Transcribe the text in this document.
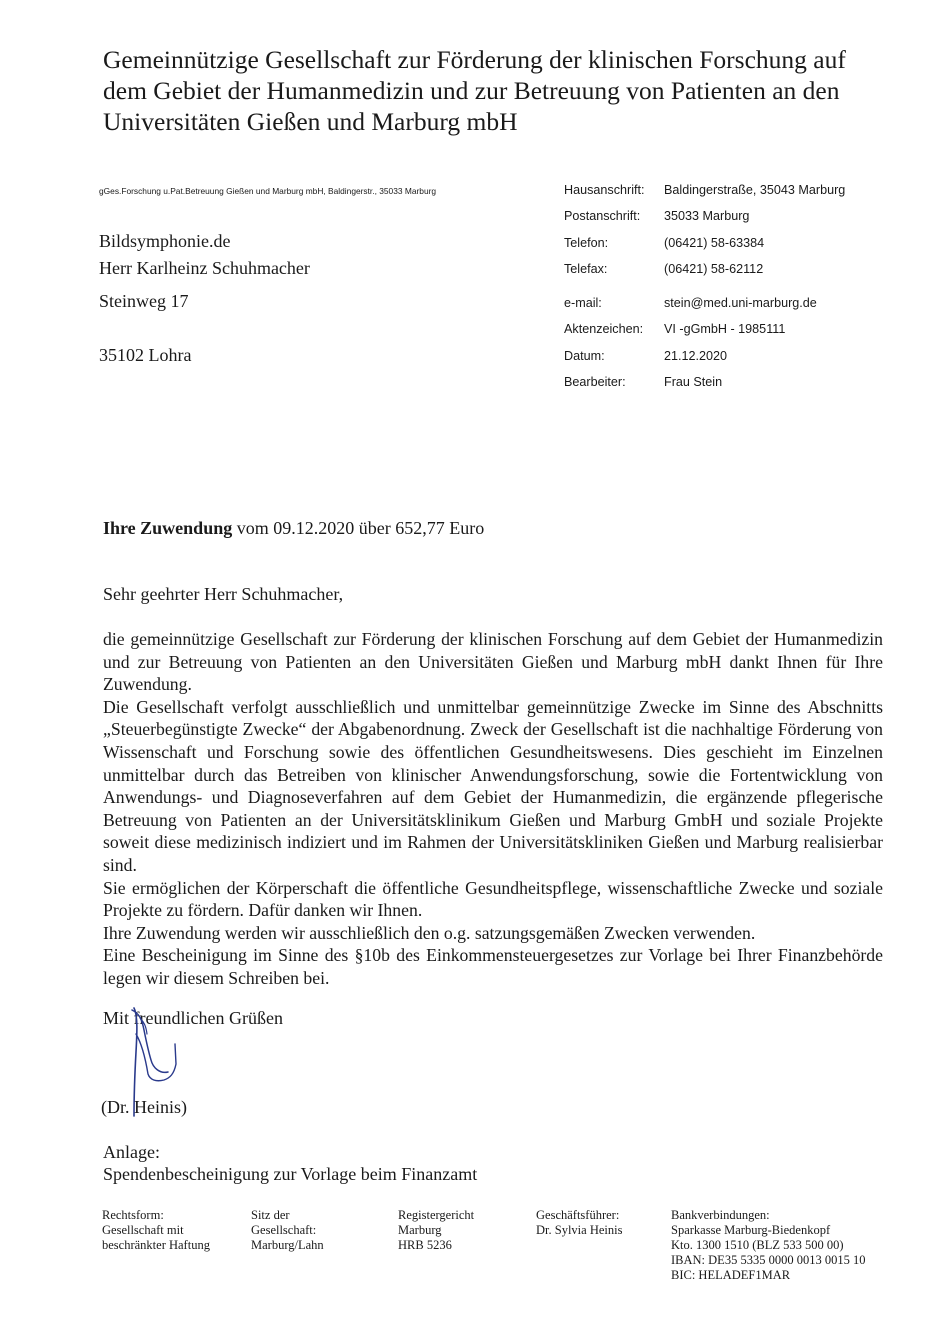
Gemeinnützige Gesellschaft zur Förderung der klinischen Forschung auf dem Gebiet der Humanmedizin und zur Betreuung von Patienten an den Universitäten Gießen und Marburg mbH
gGes.Forschung u.Pat.Betreuung Gießen und Marburg mbH, Baldingerstr., 35033 Marburg
Bildsymphonie.de
Herr Karlheinz Schuhmacher
Steinweg 17
35102 Lohra
Hausanschrift: Baldingerstraße, 35043 Marburg
Postanschrift: 35033 Marburg
Telefon:	(06421) 58-63384
Telefax:	(06421) 58-62112
e-mail:	stein@med.uni-marburg.de
Aktenzeichen: VI -gGmbH - 1985111
Datum:	21.12.2020
Bearbeiter:	Frau Stein
Ihre Zuwendung vom 09.12.2020 über 652,77 Euro
Sehr geehrter Herr Schuhmacher,

die gemeinnützige Gesellschaft zur Förderung der klinischen Forschung auf dem Gebiet der Humanmedizin und zur Betreuung von Patienten an den Universitäten Gießen und Marburg mbH dankt Ihnen für Ihre Zuwendung.

Die Gesellschaft verfolgt ausschließlich und unmittelbar gemeinnützige Zwecke im Sinne des Abschnitts „Steuerbegünstigte Zwecke“ der Abgabenordnung. Zweck der Gesellschaft ist die nachhaltige Förderung von Wissenschaft und Forschung sowie des öffentlichen Gesundheitswesens. Dies geschieht im Einzelnen unmittelbar durch das Betreiben von klinischer Anwendungsforschung, sowie die Fortentwicklung von Anwendungs- und Diagnoseverfahren auf dem Gebiet der Humanmedizin, die ergänzende pflegerische Betreuung von Patienten an der Universitätsklinikum Gießen und Marburg GmbH und soziale Projekte soweit diese medizinisch indiziert und im Rahmen der Universitätskliniken Gießen und Marburg realisierbar sind.

Sie ermöglichen der Körperschaft die öffentliche Gesundheitspflege, wissenschaftliche Zwecke und soziale Projekte zu fördern. Dafür danken wir Ihnen.

Ihre Zuwendung werden wir ausschließlich den o.g. satzungsgemäßen Zwecken verwenden.

Eine Bescheinigung im Sinne des §10b des Einkommensteuergesetzes zur Vorlage bei Ihrer Finanzbehörde legen wir diesem Schreiben bei.

Mit freundlichen Grüßen
(Dr. Heinis)
Anlage:
Spendenbescheinigung zur Vorlage beim Finanzamt
Rechtsform:
Gesellschaft mit
beschränkter Haftung
Sitz der
Gesellschaft:
Marburg/Lahn
Registergericht
Marburg
HRB 5236
Geschäftsführer:
Dr. Sylvia Heinis
Bankverbindungen:
Sparkasse Marburg-Biedenkopf
Kto. 1300 1510 (BLZ 533 500 00)
IBAN: DE35 5335 0000 0013 0015 10
BIC: HELADEF1MAR
